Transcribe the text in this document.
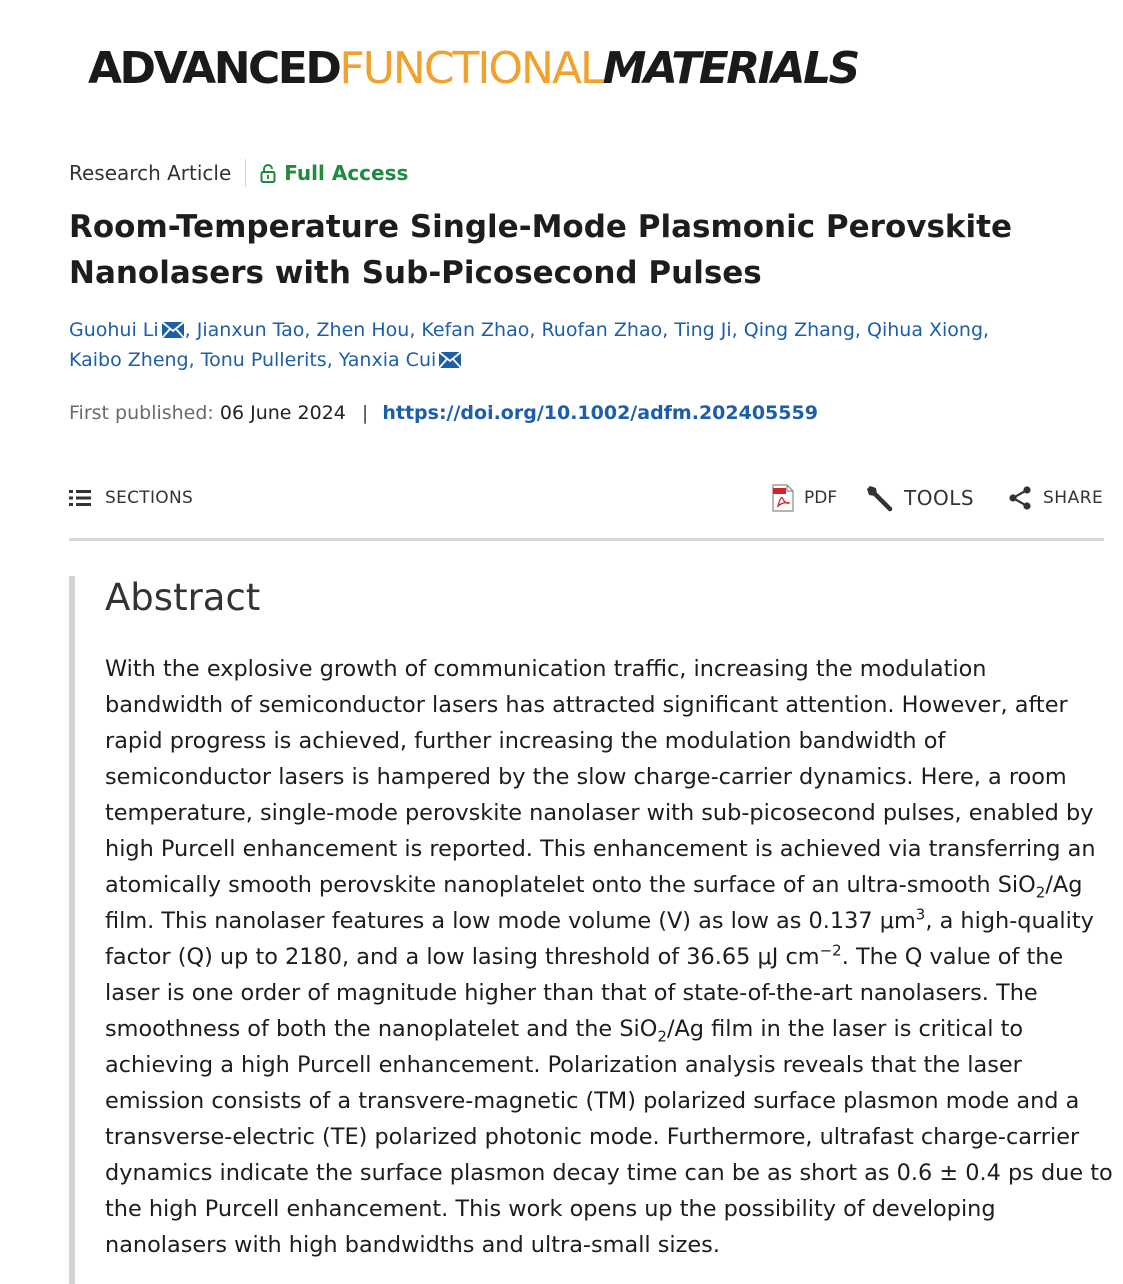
ADVANCEDFUNCTIONALMATERIALS
Research Article	Full Access
Room-Temperature Single-Mode Plasmonic Perovskite
Nanolasers with Sub-Picosecond Pulses
Guohui Li , Jianxun Tao, Zhen Hou, Kefan Zhao, Ruofan Zhao, Ting Ji, Qing Zhang, Qihua Xiong,
Kaibo Zheng, Tonu Pullerits, Yanxia Cui
First published: 06 June 2024 | https://doi.org/10.1002/adfm.202405559
SECTIONS	PDF	TOOLS	SHARE
Abstract

With the explosive growth of communication traffic, increasing the modulation
bandwidth of semiconductor lasers has attracted significant attention. However, after
rapid progress is achieved, further increasing the modulation bandwidth of
semiconductor lasers is hampered by the slow charge-carrier dynamics. Here, a room
temperature, single-mode perovskite nanolaser with sub-picosecond pulses, enabled by
high Purcell enhancement is reported. This enhancement is achieved via transferring an
atomically smooth perovskite nanoplatelet onto the surface of an ultra-smooth SiO$_2$/Ag
film. This nanolaser features a low mode volume (V) as low as 0.137 $\mu m^3$, a high-quality
factor (Q) up to 2180, and a low lasing threshold of 36.65 μJ $cm^{-2}$. The Q value of the
laser is one order of magnitude higher than that of state-of-the-art nanolasers. The
smoothness of both the nanoplatelet and the SiO$_2$/Ag film in the laser is critical to
achieving a high Purcell enhancement. Polarization analysis reveals that the laser
emission consists of a transvere-magnetic (TM) polarized surface plasmon mode and a
transverse-electric (TE) polarized photonic mode. Furthermore, ultrafast charge-carrier
dynamics indicate the surface plasmon decay time can be as short as 0.6 ± 0.4 ps due to
the high Purcell enhancement. This work opens up the possibility of developing
nanolasers with high bandwidths and ultra-small sizes.
